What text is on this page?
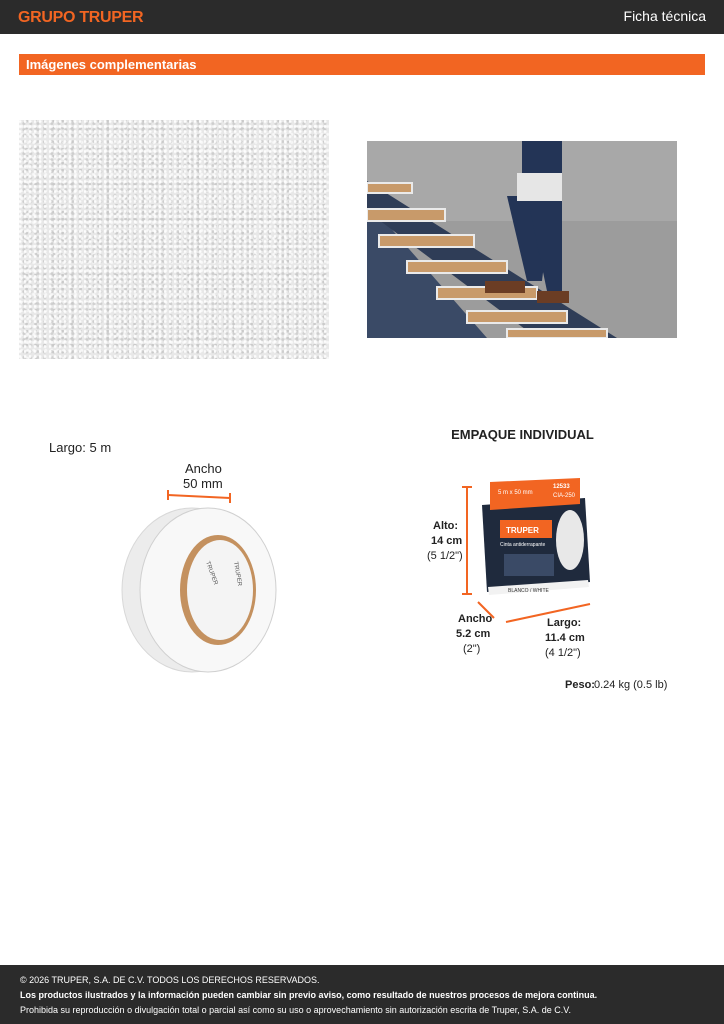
GRUPO TRUPER	Ficha técnica
Imágenes complementarias
Largo: 5 m
Ancho
50 mm
TRUPER TRUPER
EMPAQUE INDIVIDUAL
TRUPER
5 m x 50 mm
12533
CIA-250
Cinta antiderrapante
BLANCO / WHITE
Alto:
14 cm
(5 1/2")
Ancho
5.2 cm
(2")
Largo:
11.4 cm
(4 1/2")
Peso: 0.24 kg (0.5 lb)
© 2026 TRUPER, S.A. DE C.V. TODOS LOS DERECHOS RESERVADOS.
Los productos ilustrados y la información pueden cambiar sin previo aviso, como resultado de nuestros procesos de mejora continua.
Prohibida su reproducción o divulgación total o parcial así como su uso o aprovechamiento sin autorización escrita de Truper, S.A. de C.V.
